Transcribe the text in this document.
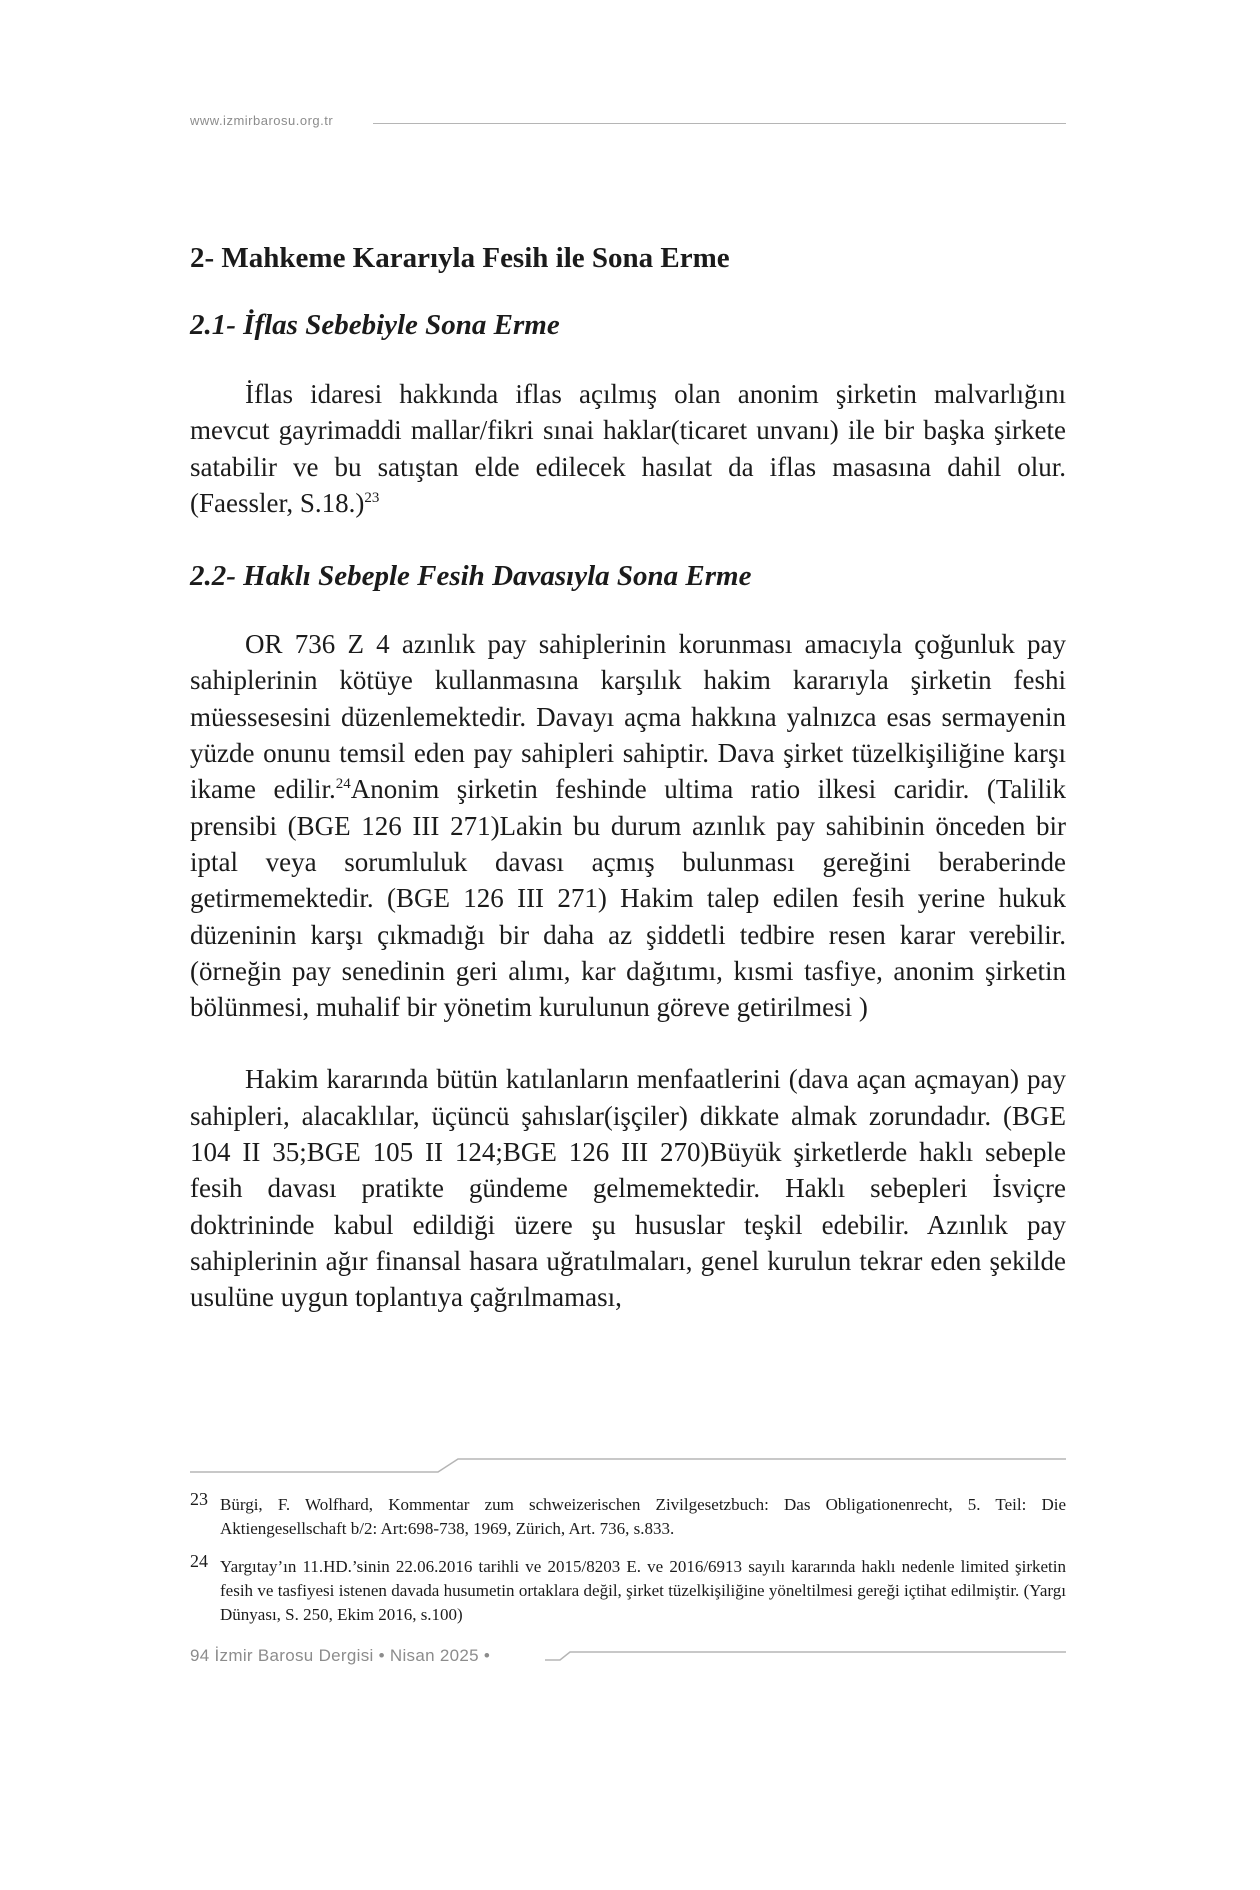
www.izmirbarosu.org.tr

2- Mahkeme Kararıyla Fesih ile Sona Erme

2.1- İflas Sebebiyle Sona Erme

İflas idaresi hakkında iflas açılmış olan anonim şirketin malvarlığını mevcut gayrimaddi mallar/fikri sınai haklar(ticaret unvanı) ile bir başka şirkete satabilir ve bu satıştan elde edilecek hasılat da iflas masasına dahil olur. (Faessler, S.18.)$^{23}$

2.2- Haklı Sebeple Fesih Davasıyla Sona Erme

OR 736 Z 4 azınlık pay sahiplerinin korunması amacıyla çoğunluk pay sahiplerinin kötüye kullanmasına karşılık hakim kararıyla şirketin feshi müessesesini düzenlemektedir. Davayı açma hakkına yalnızca esas sermayenin yüzde onunu temsil eden pay sahipleri sahiptir. Dava şirket tüzelkişiliğine karşı ikame edilir.$^{24}$Anonim şirketin feshinde ultima ratio ilkesi caridir. (Talilik prensibi (BGE 126 III 271)Lakin bu durum azınlık pay sahibinin önceden bir iptal veya sorumluluk davası açmış bulunması gereğini beraberinde getirmemektedir. (BGE 126 III 271) Hakim talep edilen fesih yerine hukuk düzeninin karşı çıkmadığı bir daha az şiddetli tedbire resen karar verebilir. (örneğin pay senedinin geri alımı, kar dağıtımı, kısmi tasfiye, anonim şirketin bölünmesi, muhalif bir yönetim kurulunun göreve getirilmesi )

Hakim kararında bütün katılanların menfaatlerini (dava açan açmayan) pay sahipleri, alacaklılar, üçüncü şahıslar(işçiler) dikkate almak zorundadır. (BGE 104 II 35;BGE 105 II 124;BGE 126 III 270)Büyük şirketlerde haklı sebeple fesih davası pratikte gündeme gelmemektedir. Haklı sebepleri İsviçre doktrininde kabul edildiği üzere şu hususlar teşkil edebilir. Azınlık pay sahiplerinin ağır finansal hasara uğratılmaları, genel kurulun tekrar eden şekilde usulüne uygun toplantıya çağrılmaması,

23 Bürgi, F. Wolfhard, Kommentar zum schweizerischen Zivilgesetzbuch: Das Obligationenrecht, 5. Teil: Die Aktiengesellschaft b/2: Art:698-738, 1969, Zürich, Art. 736, s.833.
24 Yargıtay’ın 11.HD.’sinin 22.06.2016 tarihli ve 2015/8203 E. ve 2016/6913 sayılı kararında haklı nedenle limited şirketin fesih ve tasfiyesi istenen davada husumetin ortaklara değil, şirket tüzelkişiliğine yöneltilmesi gereği içtihat edilmiştir. (Yargı Dünyası, S. 250, Ekim 2016, s.100)
94 İzmir Barosu Dergisi • Nisan 2025 •
